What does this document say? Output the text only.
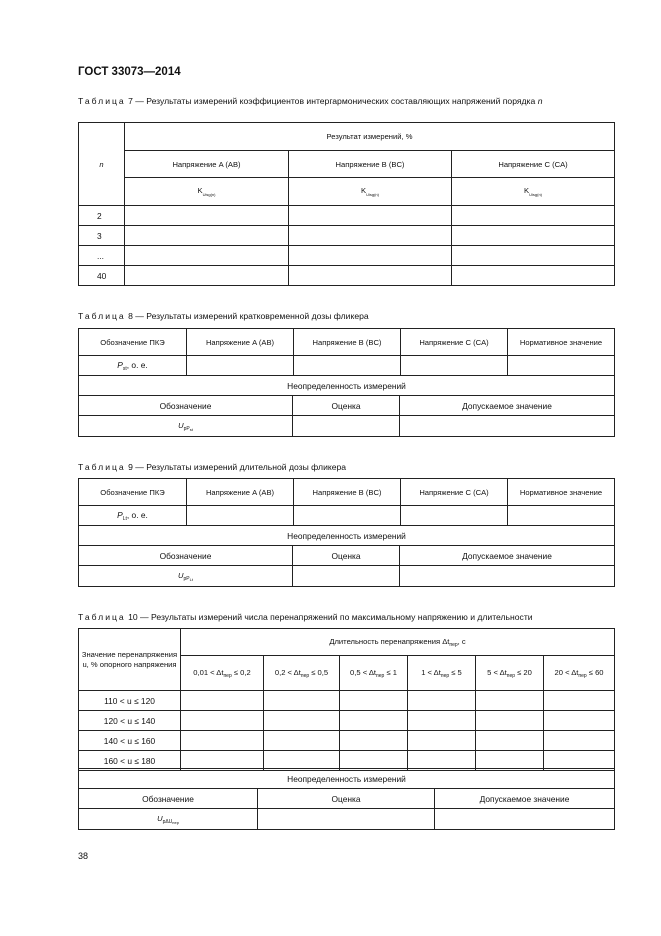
ГОСТ 33073—2014
Таблица 7 — Результаты измерений коэффициентов интергармонических составляющих напряжений порядка n
n	Результат измерений, %		
	Напряжение A (AB)	Напряжение B (BC)	Напряжение C (CA)
	$K_{Uisg(n)}$	$K_{Uisg(n)}$	$K_{Uisg(n)}$
2			
3			
...			
40			
Таблица 8 — Результаты измерений кратковременной дозы фликера
Обозначение ПКЭ	Напряжение A (AB)	Напряжение B (BC)	Напряжение C (CA)	Нормативное значение
$P_{st}$, о. е.				
Неопределенность измерений				
Обозначение	Оценка	Допускаемое значение
$U_{pPst}$		
Таблица 9 — Результаты измерений длительной дозы фликера
Обозначение ПКЭ	Напряжение A (AB)	Напряжение B (BC)	Напряжение C (CA)	Нормативное значение
$P_{Lt}$, о. е.				
Неопределенность измерений				
Обозначение	Оценка	Допускаемое значение
$U_{pPLt}$		
Таблица 10 — Результаты измерений числа перенапряжений по максимальному напряжению и длительности
Значение перенапряжения u, % опорного напряжения	Длительность перенапряжения $\Delta t_{пер}$, с					
	$0,01 < \Delta t_{пер} \le 0,2$	$0,2 < \Delta t_{пер} \le 0,5$	$0,5 < \Delta t_{пер} \le 1$	$1 < \Delta t_{пер} \le 5$	$5 < \Delta t_{пер} \le 20$	$20 < \Delta t_{пер} \le 60$
110 < u ≤ 120						
120 < u ≤ 140						
140 < u ≤ 160						
160 < u ≤ 180						
Неопределенность измерений		
Обозначение	Оценка	Допускаемое значение
$U_{p\Delta Uпер}$		
38
